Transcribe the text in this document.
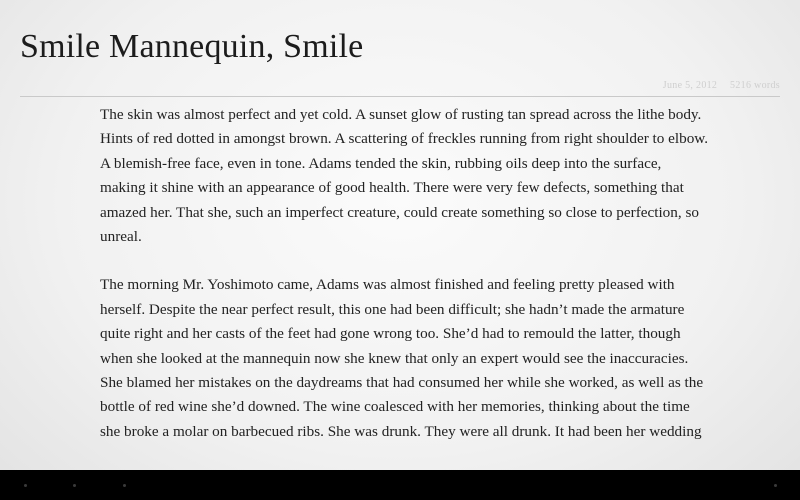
Smile Mannequin, Smile
June 5, 2012 5216 words

The skin was almost perfect and yet cold. A sunset glow of rusting tan spread across the lithe body. Hints of red dotted in amongst brown. A scattering of freckles running from right shoulder to elbow. A blemish-free face, even in tone. Adams tended the skin, rubbing oils deep into the surface, making it shine with an appearance of good health. There were very few defects, something that amazed her. That she, such an imperfect creature, could create something so close to perfection, so unreal.

The morning Mr. Yoshimoto came, Adams was almost finished and feeling pretty pleased with herself. Despite the near perfect result, this one had been difficult; she hadn’t made the armature quite right and her casts of the feet had gone wrong too. She’d had to remould the latter, though when she looked at the mannequin now she knew that only an expert would see the inaccuracies. She blamed her mistakes on the daydreams that had consumed her while she worked, as well as the bottle of red wine she’d downed. The wine coalesced with her memories, thinking about the time she broke a molar on barbecued ribs. She was drunk. They were all drunk. It had been her wedding
